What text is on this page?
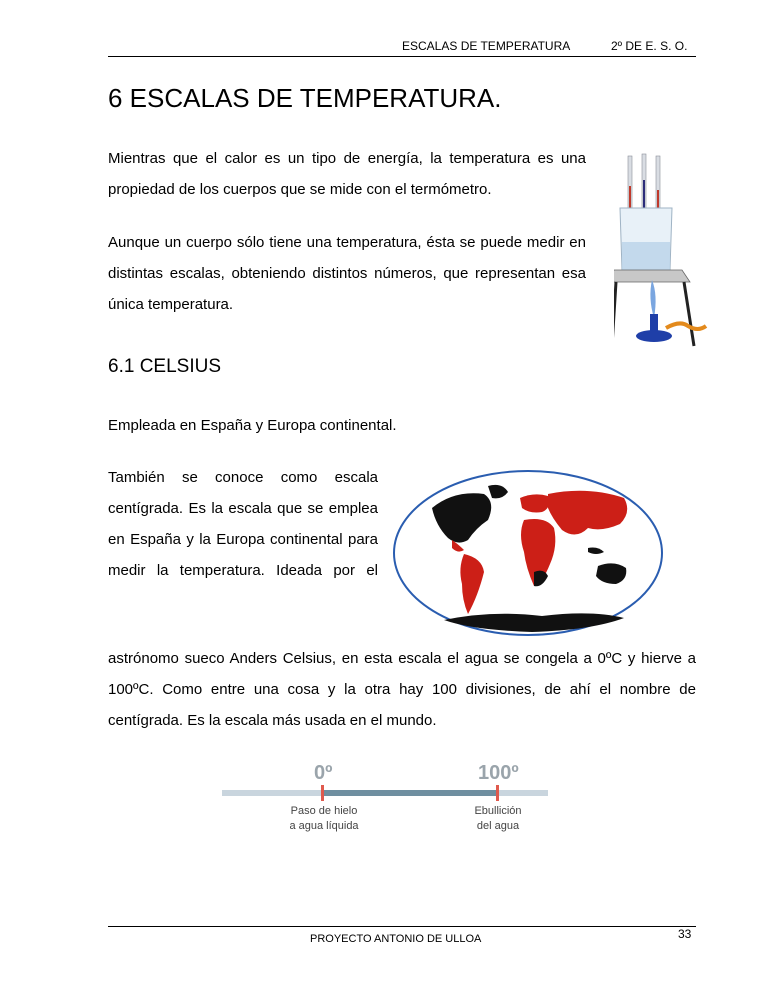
ESCALAS DE TEMPERATURA	2º DE E. S. O.
6 ESCALAS DE TEMPERATURA.
Mientras que el calor es un tipo de energía, la temperatura es una propiedad de los cuerpos que se mide con el termómetro.
Aunque un cuerpo sólo tiene una temperatura, ésta se puede medir en distintas escalas, obteniendo distintos números, que representan esa única temperatura.
6.1 CELSIUS
Empleada en España y Europa continental.
También se conoce como escala centígrada. Es la escala que se emplea en España y la Europa continental para medir la temperatura. Ideada por el
astrónomo sueco Anders Celsius, en esta escala el agua se congela a 0ºC y hierve a 100ºC. Como entre una cosa y la otra hay 100 divisiones, de ahí el nombre de centígrada. Es la escala más usada en el mundo.
0º	100º
Paso de hielo
a agua líquida
Ebullición
del agua
PROYECTO ANTONIO DE ULLOA	33
